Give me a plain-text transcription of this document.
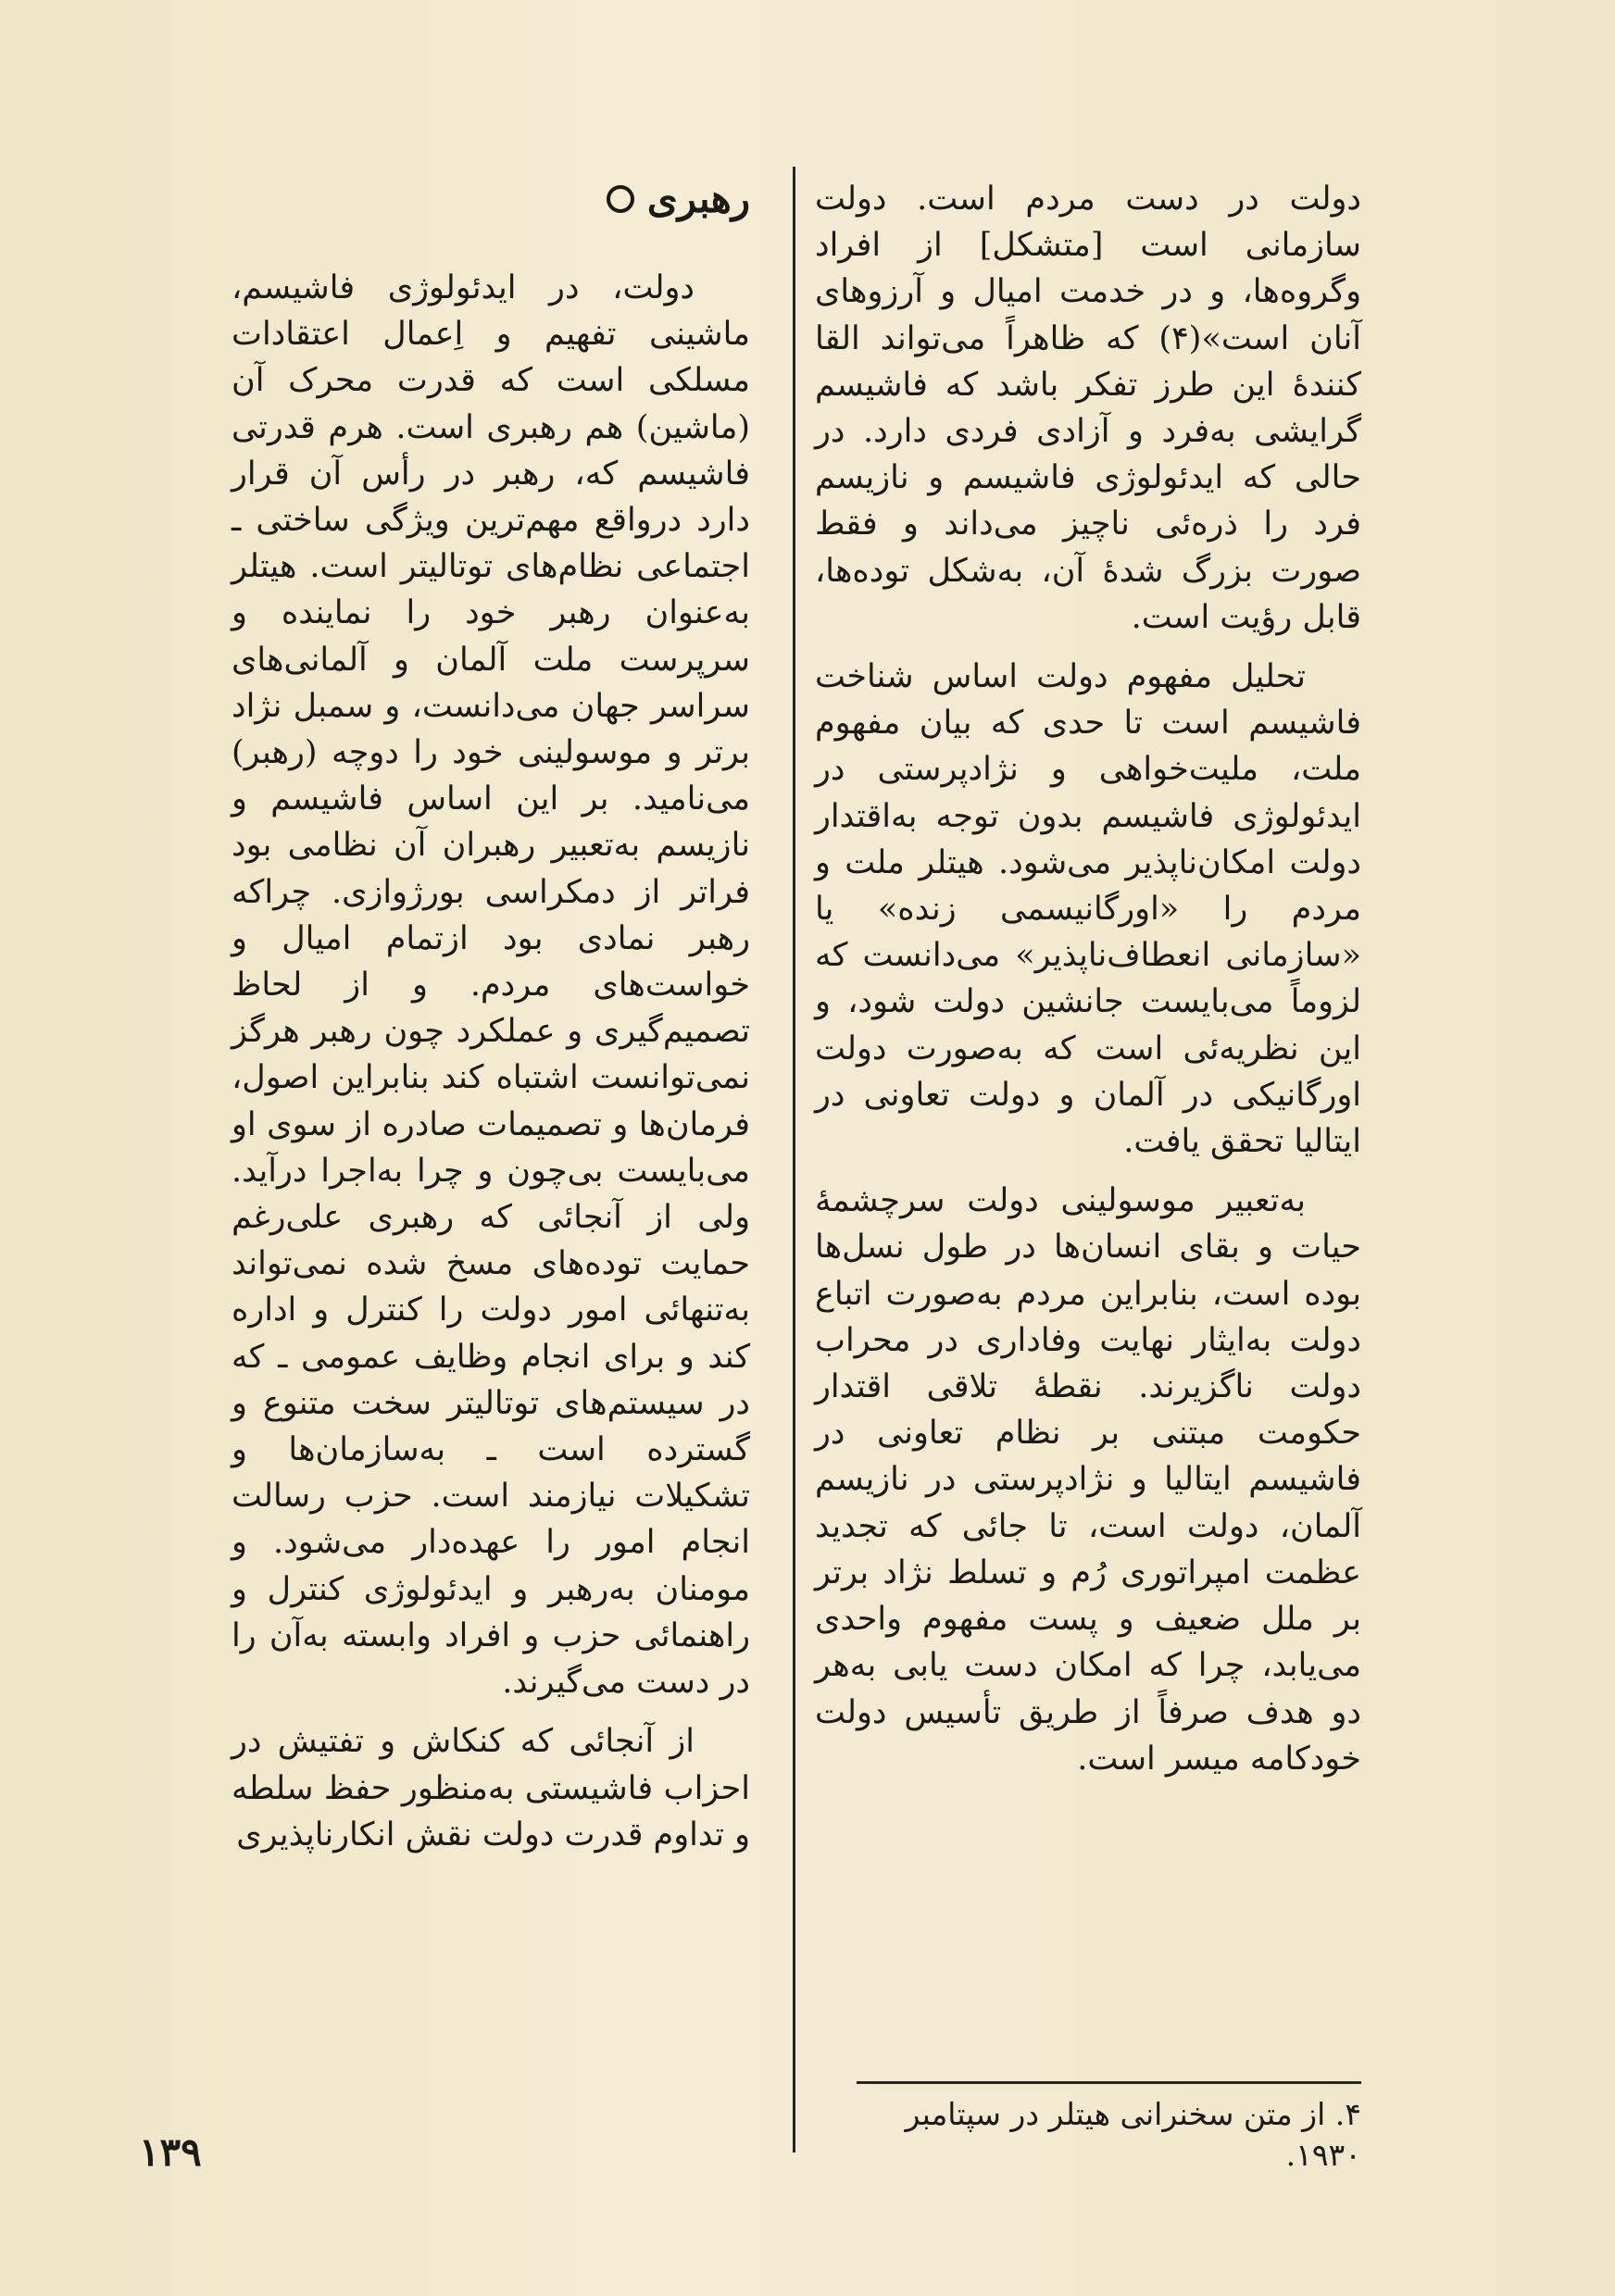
دولت در دست مردم است. دولت سازمانی است [متشکل] از افراد وگروه‌ها، و در خدمت امیال و آرزوهای آنان است»(۴) که ظاهراً می‌تواند القا کنندهٔ این طرز تفکر باشد که فاشیسم گرایشی به‌فرد و آزادی فردی دارد. در حالی که ایدئولوژی فاشیسم و نازیسم فرد را ذره‌ئی ناچیز می‌داند و فقط صورت بزرگ شدهٔ آن، به‌شکل توده‌ها، قابل رؤیت است.

تحلیل مفهوم دولت اساس شناخت فاشیسم است تا حدی که بیان مفهوم ملت، ملیت‌خواهی و نژادپرستی در ایدئولوژی فاشیسم بدون توجه به‌اقتدار دولت امکان‌ناپذیر می‌شود. هیتلر ملت و مردم را «اورگانیسمی زنده» یا «سازمانی انعطاف‌ناپذیر» می‌دانست که لزوماً می‌بایست جانشین دولت شود، و این نظریه‌ئی است که به‌صورت دولت اورگانیکی در آلمان و دولت تعاونی در ایتالیا تحقق یافت.

به‌تعبیر موسولینی دولت سرچشمهٔ حیات و بقای انسان‌ها در طول نسل‌ها بوده است، بنابراین مردم به‌صورت اتباع دولت به‌ایثار نهایت وفاداری در محراب دولت ناگزیرند. نقطهٔ تلاقی اقتدار حکومت مبتنی بر نظام تعاونی در فاشیسم ایتالیا و نژادپرستی در نازیسم آلمان، دولت است، تا جائی که تجدید عظمت امپراتوری رُم و تسلط نژاد برتر بر ملل ضعیف و پست مفهوم واحدی می‌یابد، چرا که امکان دست یابی به‌هر دو هدف صرفاً از طریق تأسیس دولت خودکامه میسر است.

رهبری

دولت، در ایدئولوژی فاشیسم، ماشینی تفهیم و اِعمال اعتقادات مسلکی است که قدرت محرک آن (ماشین) هم رهبری است. هرم قدرتی فاشیسم که، رهبر در رأس آن قرار دارد درواقع مهم‌ترین ویژگی ساختی ـ اجتماعی نظام‌های توتالیتر است. هیتلر به‌عنوان رهبر خود را نماینده و سرپرست ملت آلمان و آلمانی‌های سراسر جهان می‌دانست، و سمبل نژاد برتر و موسولینی خود را دوچه (رهبر) می‌نامید. بر این اساس فاشیسم و نازیسم به‌تعبیر رهبران آن نظامی بود فراتر از دمکراسی بورژوازی. چراکه رهبر نمادی بود ازتمام امیال و خواست‌های مردم. و از لحاظ تصمیم‌گیری و عملکرد چون رهبر هرگز نمی‌توانست اشتباه کند بنابراین اصول، فرمان‌ها و تصمیمات صادره از سوی او می‌بایست بی‌چون و چرا به‌اجرا درآید. ولی از آنجائی که رهبری علی‌رغم حمایت توده‌های مسخ شده نمی‌تواند به‌تنهائی امور دولت را کنترل و اداره کند و برای انجام وظایف عمومی ـ که در سیستم‌های توتالیتر سخت متنوع و گسترده است ـ به‌سازمان‌ها و تشکیلات نیازمند است. حزب رسالت انجام امور را عهده‌دار می‌شود. و مومنان به‌رهبر و ایدئولوژی کنترل و راهنمائی حزب و افراد وابسته به‌آن را در دست می‌گیرند.

از آنجائی که کنکاش و تفتیش در احزاب فاشیستی به‌منظور حفظ سلطه و تداوم قدرت دولت نقش انکارناپذیری

۴. از متن سخنرانی هیتلر در سپتامبر ۱۹۳۰.
۱۳۹
